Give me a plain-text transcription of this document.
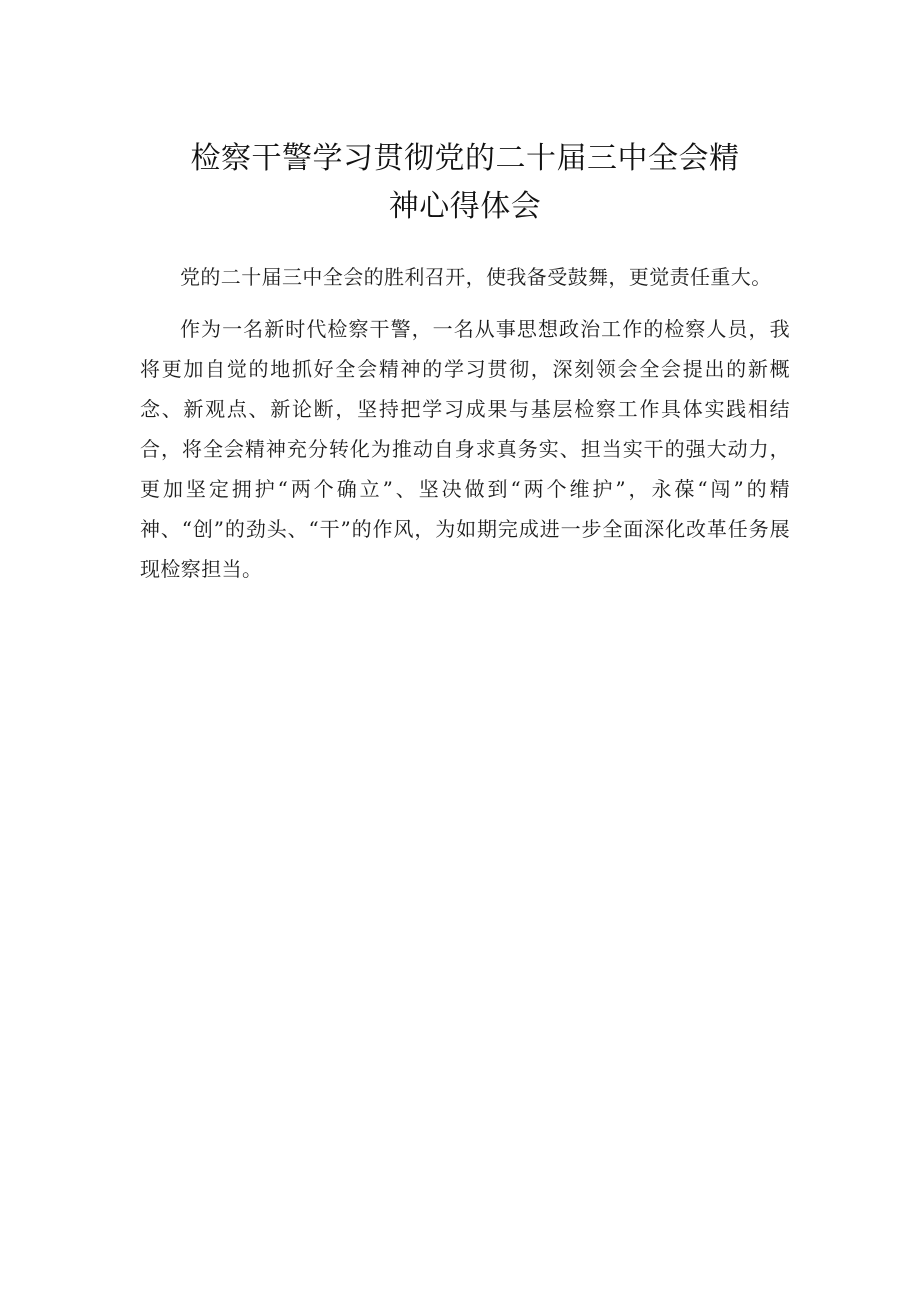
检察干警学习贯彻党的二十届三中全会精
神心得体会

党的二十届三中全会的胜利召开，使我备受鼓舞，更觉责任重大。

作为一名新时代检察干警，一名从事思想政治工作的检察人员，我将更加自觉的地抓好全会精神的学习贯彻，深刻领会全会提出的新概念、新观点、新论断，坚持把学习成果与基层检察工作具体实践相结合，将全会精神充分转化为推动自身求真务实、担当实干的强大动力，更加坚定拥护“两个确立”、坚决做到“两个维护”，永葆“闯”的精神、“创”的劲头、“干”的作风，为如期完成进一步全面深化改革任务展现检察担当。
